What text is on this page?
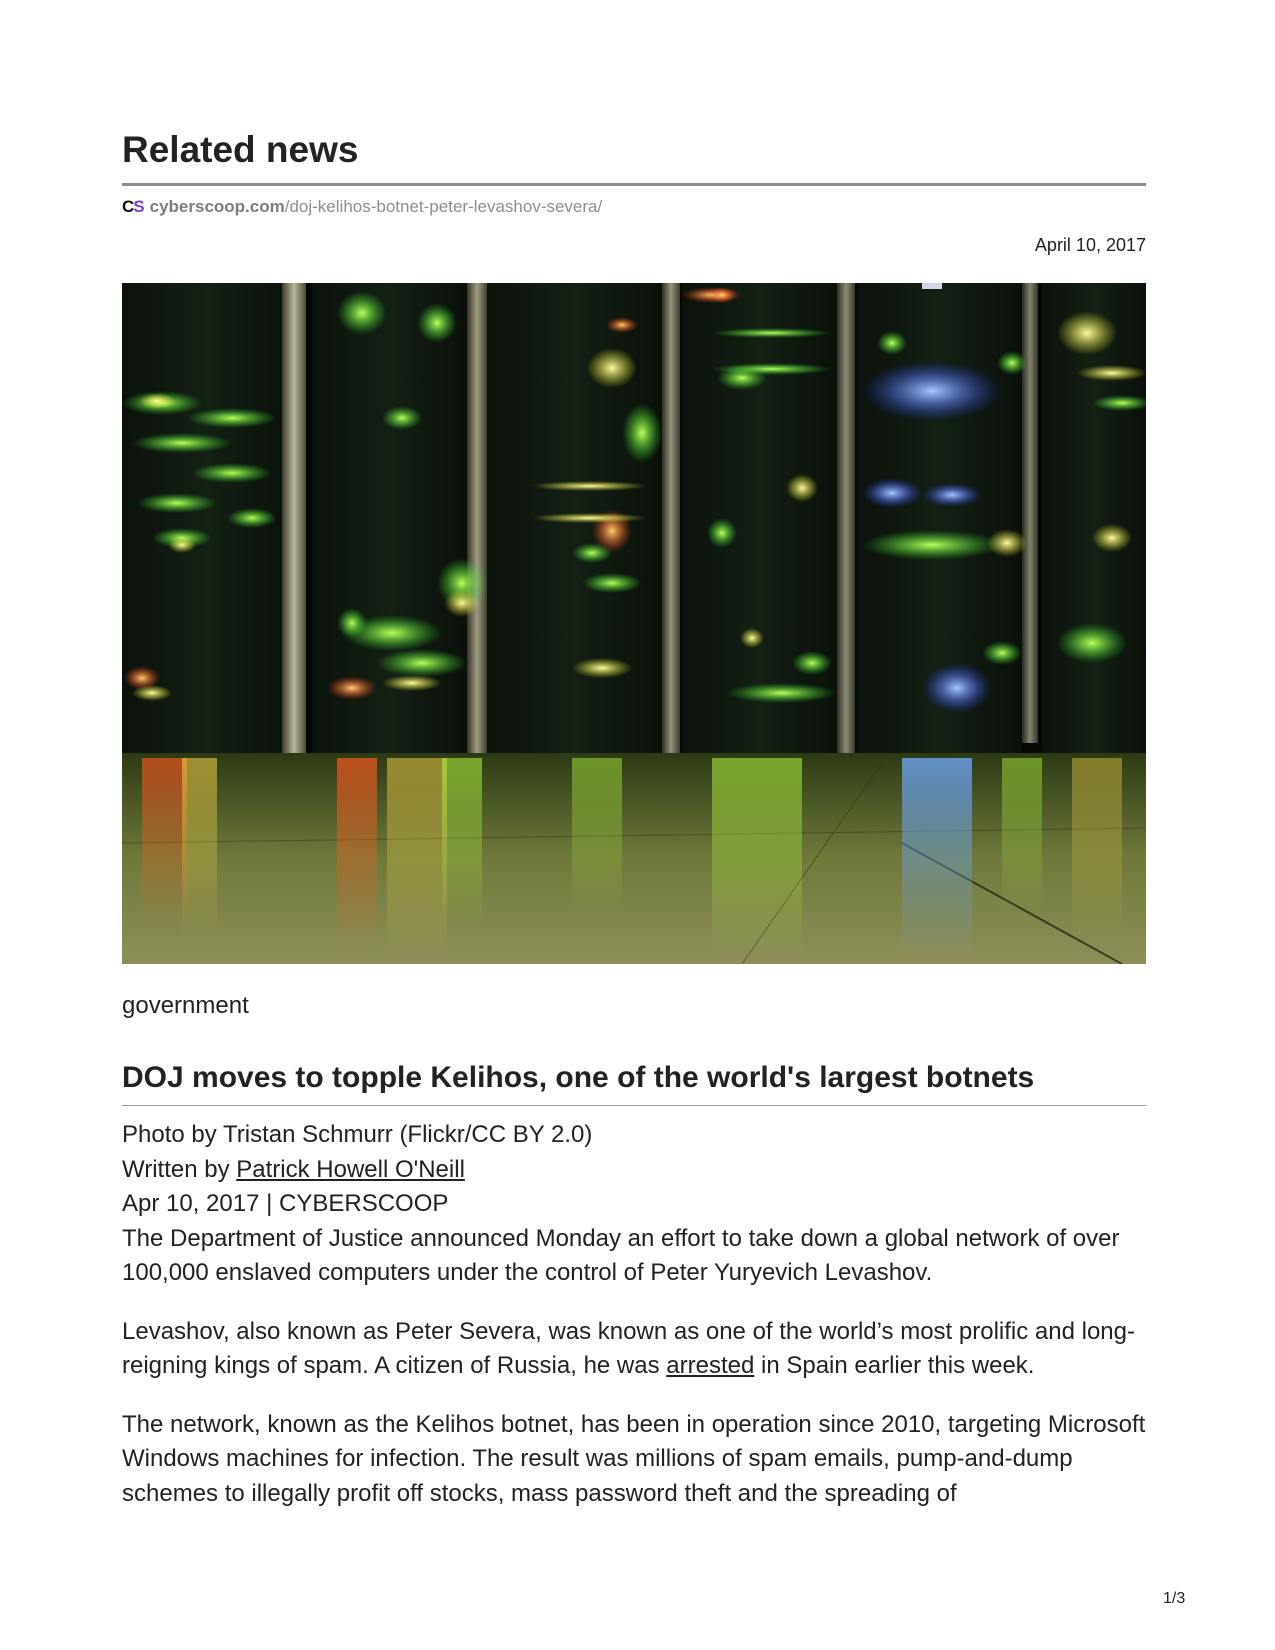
Related news
C S cyberscoop.com /doj-kelihos-botnet-peter-levashov-severa/
April 10, 2017
government
DOJ moves to topple Kelihos, one of the world's largest botnets

Photo by Tristan Schmurr (Flickr/CC BY 2.0)

Written by Patrick Howell O'Neill

Apr 10, 2017 | CYBERSCOOP

The Department of Justice announced Monday an effort to take down a global network of over 100,000 enslaved computers under the control of Peter Yuryevich Levashov.

Levashov, also known as Peter Severa, was known as one of the world’s most prolific and long-reigning kings of spam. A citizen of Russia, he was arrested in Spain earlier this week.

The network, known as the Kelihos botnet, has been in operation since 2010, targeting Microsoft Windows machines for infection. The result was millions of spam emails, pump-and-dump schemes to illegally profit off stocks, mass password theft and the spreading of

1/3
